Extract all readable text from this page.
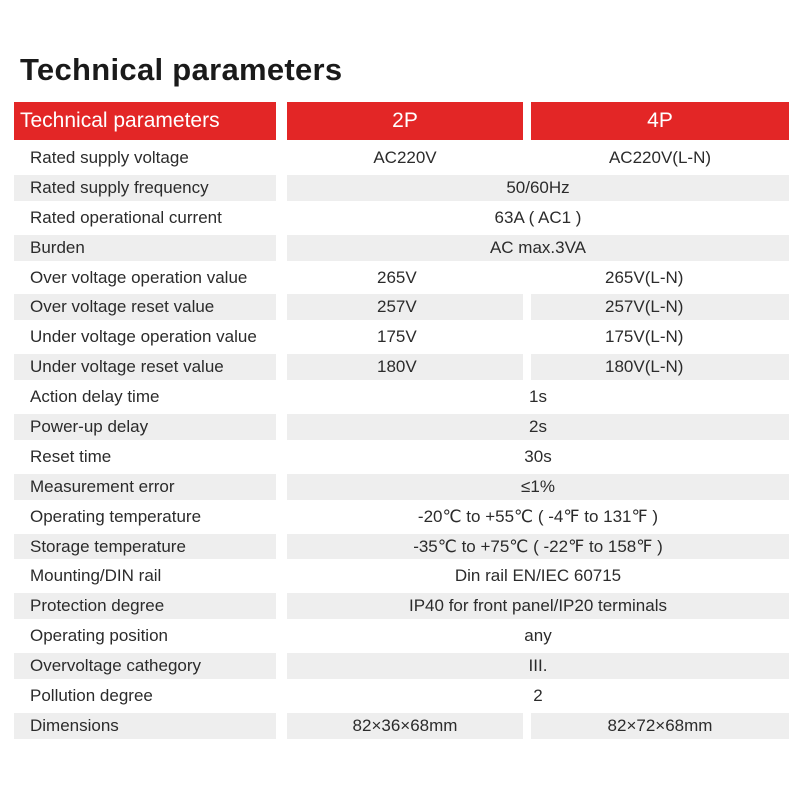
Technical parameters
Technical parameters	2P	4P
Rated supply voltage	AC220V	AC220V(L-N)
Rated supply frequency	50/60Hz
Rated operational current	63A ( AC1 )
Burden	AC max.3VA
Over voltage operation value	265V	265V(L-N)
Over voltage reset value	257V	257V(L-N)
Under voltage operation value	175V	175V(L-N)
Under voltage reset value	180V	180V(L-N)
Action delay time	1s
Power-up delay	2s
Reset time	30s
Measurement error	≤1%
Operating temperature	-20℃ to +55℃ ( -4℉ to 131℉ )
Storage temperature	-35℃ to +75℃ ( -22℉ to 158℉ )
Mounting/DIN rail	Din rail EN/IEC 60715
Protection degree	IP40 for front panel/IP20 terminals
Operating position	any
Overvoltage cathegory	III.
Pollution degree	2
Dimensions	82×36×68mm	82×72×68mm
